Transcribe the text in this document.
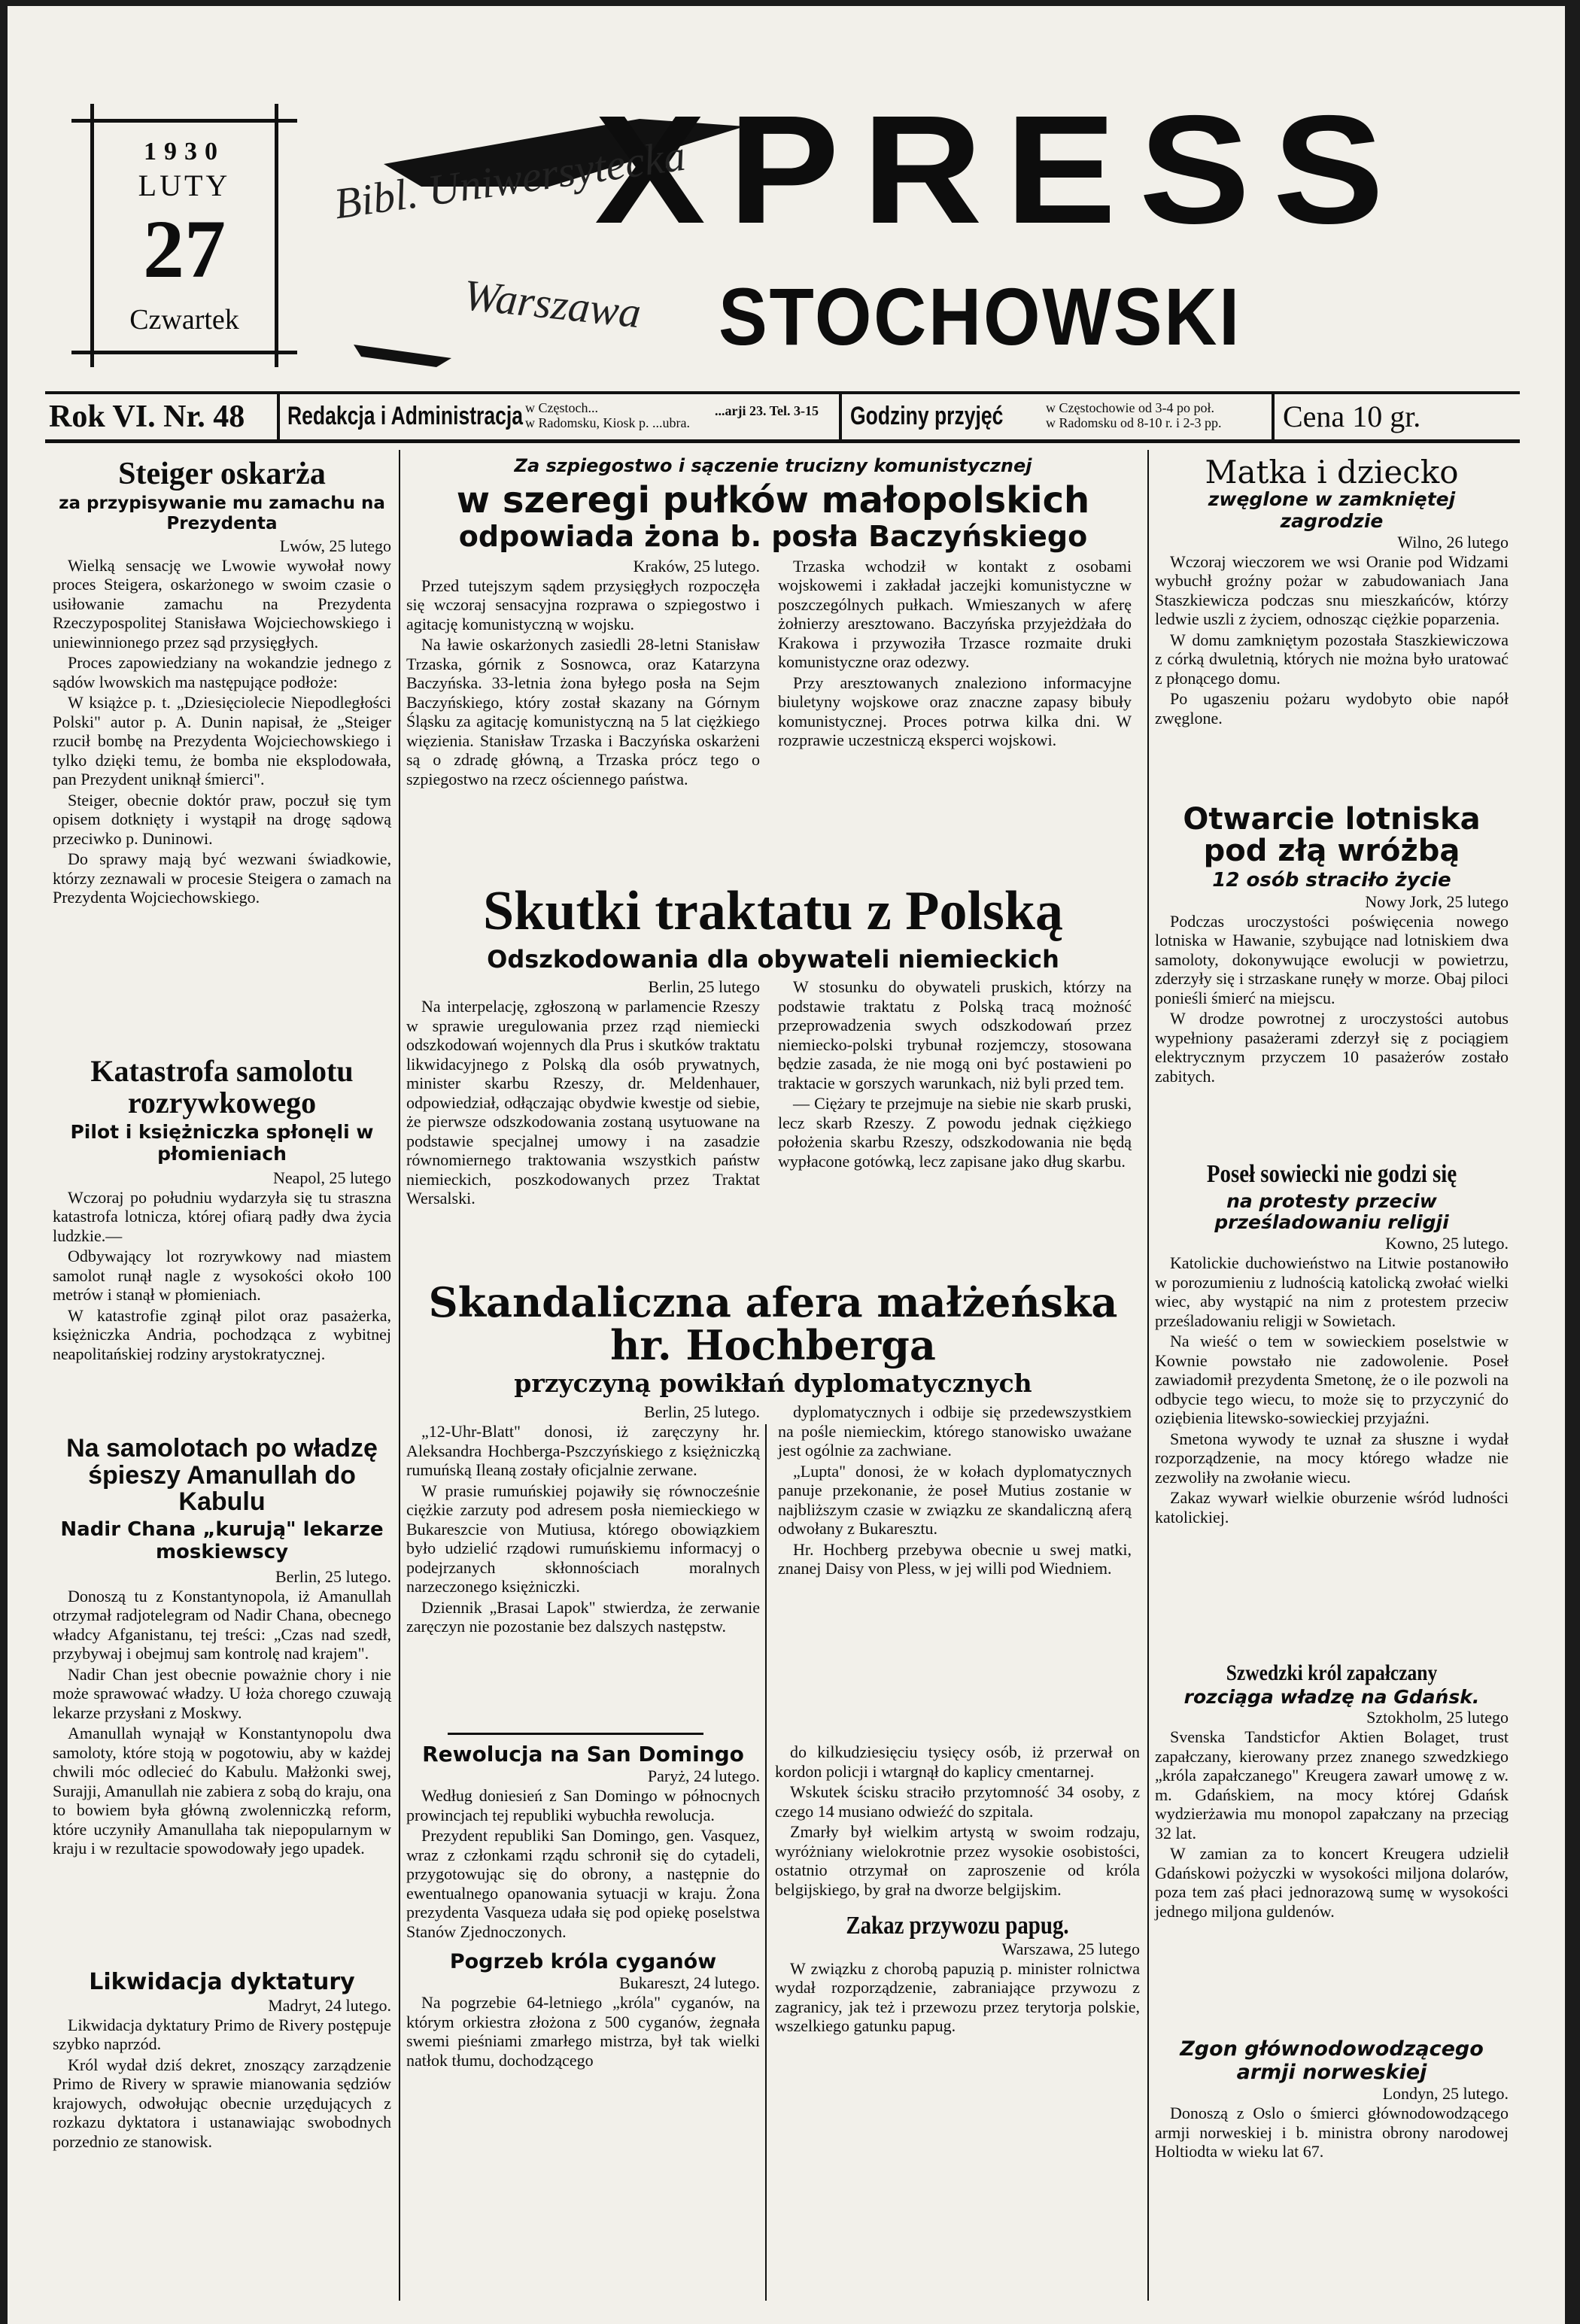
1930
LUTY
27
Czwartek
XPRESS
STOCHOWSKI
Bibl. Uniwersytecka
Warszawa
Rok VI. Nr. 48 Redakcja i Administracja w Częstoch...
w Radomsku, Kiosk p. ...ubra.
...arji 23. Tel. 3-15 Godziny przyjęć	w Częstochowie od 3-4 po poł.
w Radomsku od 8-10 r. i 2-3 pp. Cena 10 gr.
Steiger oskarża
za przypisywanie mu zamachu na Prezydenta
Lwów, 25 lutego

Wielką sensację we Lwowie wywołał nowy proces Steigera, oskarżonego w swoim czasie o usiłowanie zamachu na Prezydenta Rzeczypospolitej Stanisława Wojciechowskiego i uniewinnionego przez sąd przysięgłych.

Proces zapowiedziany na wokandzie jednego z sądów lwowskich ma następujące podłoże:

W książce p. t. „Dziesięciolecie Niepodległości Polski" autor p. A. Dunin napisał, że „Steiger rzucił bombę na Prezydenta Wojciechowskiego i tylko dzięki temu, że bomba nie eksplodowała, pan Prezydent uniknął śmierci".

Steiger, obecnie doktór praw, poczuł się tym opisem dotknięty i wystąpił na drogę sądową przeciwko p. Duninowi.

Do sprawy mają być wezwani świadkowie, którzy zeznawali w procesie Steigera o zamach na Prezydenta Wojciechowskiego.

Katastrofa samolotu rozrywkowego
Pilot i księżniczka spłonęli w płomieniach
Neapol, 25 lutego

Wczoraj po południu wydarzyła się tu straszna katastrofa lotnicza, której ofiarą padły dwa życia ludzkie.—

Odbywający lot rozrywkowy nad miastem samolot runął nagle z wysokości około 100 metrów i stanął w płomieniach.

W katastrofie zginął pilot oraz pasażerka, księżniczka Andria, pochodząca z wybitnej neapolitańskiej rodziny arystokratycznej.

Na samolotach po władzę śpieszy Amanullah do Kabulu
Nadir Chana „kurują" lekarze moskiewscy
Berlin, 25 lutego.

Donoszą tu z Konstantynopola, iż Amanullah otrzymał radjotelegram od Nadir Chana, obecnego władcy Afganistanu, tej treści: „Czas nad szedł, przybywaj i obejmuj sam kontrolę nad krajem".

Nadir Chan jest obecnie poważnie chory i nie może sprawować władzy. U łoża chorego czuwają lekarze przysłani z Moskwy.

Amanullah wynajął w Konstantynopolu dwa samoloty, które stoją w pogotowiu, aby w każdej chwili móc odlecieć do Kabulu. Małżonki swej, Surajji, Amanullah nie zabiera z sobą do kraju, ona to bowiem była główną zwolenniczką reform, które uczyniły Amanullaha tak niepopularnym w kraju i w rezultacie spowodowały jego upadek.

Likwidacja dyktatury
Madryt, 24 lutego.

Likwidacja dyktatury Primo de Rivery postępuje szybko naprzód.

Król wydał dziś dekret, znoszący zarządzenie Primo de Rivery w sprawie mianowania sędziów krajowych, odwołując obecnie urzędujących z rozkazu dyktatora i ustanawiając swobodnych porzednio ze stanowisk.

Za szpiegostwo i sączenie trucizny komunistycznej
w szeregi pułków małopolskich
odpowiada żona b. posła Baczyńskiego
Kraków, 25 lutego.

Przed tutejszym sądem przysięgłych rozpoczęła się wczoraj sensacyjna rozprawa o szpiegostwo i agitację komunistyczną w wojsku.

Na ławie oskarżonych zasiedli 28-letni Stanisław Trzaska, górnik z Sosnowca, oraz Katarzyna Baczyńska. 33-letnia żona byłego posła na Sejm Baczyńskiego, który został skazany na Górnym Śląsku za agitację komunistyczną na 5 lat ciężkiego więzienia. Stanisław Trzaska i Baczyńska oskarżeni są o zdradę główną, a Trzaska prócz tego o szpiegostwo na rzecz ościennego państwa.

Trzaska wchodził w kontakt z osobami wojskowemi i zakładał jaczejki komunistyczne w poszczególnych pułkach. Wmieszanych w aferę żołnierzy aresztowano. Baczyńska przyjeżdżała do Krakowa i przywoziła Trzasce rozmaite druki komunistyczne oraz odezwy.

Przy aresztowanych znaleziono informacyjne biuletyny wojskowe oraz znaczne zapasy bibuły komunistycznej. Proces potrwa kilka dni. W rozprawie uczestniczą eksperci wojskowi.

Skutki traktatu z Polską
Odszkodowania dla obywateli niemieckich
Berlin, 25 lutego

Na interpelację, zgłoszoną w parlamencie Rzeszy w sprawie uregulowania przez rząd niemiecki odszkodowań wojennych dla Prus i skutków traktatu likwidacyjnego z Polską dla osób prywatnych, minister skarbu Rzeszy, dr. Meldenhauer, odpowiedział, odłączając obydwie kwestje od siebie, że pierwsze odszkodowania zostaną usytuowane na podstawie specjalnej umowy i na zasadzie równomiernego traktowania wszystkich państw niemieckich, poszkodowanych przez Traktat Wersalski.

W stosunku do obywateli pruskich, którzy na podstawie traktatu z Polską tracą możność przeprowadzenia swych odszkodowań przez niemiecko-polski trybunał rozjemczy, stosowana będzie zasada, że nie mogą oni być postawieni po traktacie w gorszych warunkach, niż byli przed tem.

— Ciężary te przejmuje na siebie nie skarb pruski, lecz skarb Rzeszy. Z powodu jednak ciężkiego położenia skarbu Rzeszy, odszkodowania nie będą wypłacone gotówką, lecz zapisane jako dług skarbu.

Skandaliczna afera małżeńska hr. Hochberga
przyczyną powikłań dyplomatycznych
Berlin, 25 lutego.

„12-Uhr-Blatt" donosi, iż zaręczyny hr. Aleksandra Hochberga-Pszczyńskiego z księżniczką rumuńską Ileaną zostały oficjalnie zerwane.

W prasie rumuńskiej pojawiły się równocześnie ciężkie zarzuty pod adresem posła niemieckiego w Bukareszcie von Mutiusa, którego obowiązkiem było udzielić rządowi rumuńskiemu informacyj o podejrzanych skłonnościach moralnych narzeczonego księżniczki.

Dziennik „Brasai Lapok" stwierdza, że zerwanie zaręczyn nie pozostanie bez dalszych następstw.

dyplomatycznych i odbije się przedewszystkiem na pośle niemieckim, którego stanowisko uważane jest ogólnie za zachwiane.

„Lupta" donosi, że w kołach dyplomatycznych panuje przekonanie, że poseł Mutius zostanie w najbliższym czasie w związku ze skandaliczną aferą odwołany z Bukaresztu.

Hr. Hochberg przebywa obecnie u swej matki, znanej Daisy von Pless, w jej willi pod Wiedniem.

Rewolucja na San Domingo
Paryż, 24 lutego.

Według doniesień z San Domingo w północnych prowincjach tej republiki wybuchła rewolucja.

Prezydent republiki San Domingo, gen. Vasquez, wraz z członkami rządu schronił się do cytadeli, przygotowując się do obrony, a następnie do ewentualnego opanowania sytuacji w kraju. Żona prezydenta Vasqueza udała się pod opiekę poselstwa Stanów Zjednoczonych.

Pogrzeb króla cyganów
Bukareszt, 24 lutego.

Na pogrzebie 64-letniego „króla" cyganów, na którym orkiestra złożona z 500 cyganów, żegnała swemi pieśniami zmarłego mistrza, był tak wielki natłok tłumu, dochodzącego

do kilkudziesięciu tysięcy osób, iż przerwał on kordon policji i wtargnął do kaplicy cmentarnej.

Wskutek ścisku straciło przytomność 34 osoby, z czego 14 musiano odwieźć do szpitala.

Zmarły był wielkim artystą w swoim rodzaju, wyróżniany wielokrotnie przez wysokie osobistości, ostatnio otrzymał on zaproszenie od króla belgijskiego, by grał na dworze belgijskim.

Zakaz przywozu papug.
Warszawa, 25 lutego

W związku z chorobą papuzią p. minister rolnictwa wydał rozporządzenie, zabraniające przywozu z zagranicy, jak też i przewozu przez terytorja polskie, wszelkiego gatunku papug.

Matka i dziecko
zwęglone w zamkniętej zagrodzie
Wilno, 26 lutego

Wczoraj wieczorem we wsi Oranie pod Widzami wybuchł groźny pożar w zabudowaniach Jana Staszkiewicza podczas snu mieszkańców, którzy ledwie uszli z życiem, odnosząc ciężkie poparzenia.

W domu zamkniętym pozostała Staszkiewiczowa z córką dwuletnią, których nie można było uratować z płonącego domu.

Po ugaszeniu pożaru wydobyto obie napół zwęglone.

Otwarcie lotniska pod złą wróżbą
12 osób straciło życie
Nowy Jork, 25 lutego

Podczas uroczystości poświęcenia nowego lotniska w Hawanie, szybujące nad lotniskiem dwa samoloty, dokonywujące ewolucji w powietrzu, zderzyły się i strzaskane runęły w morze. Obaj piloci ponieśli śmierć na miejscu.

W drodze powrotnej z uroczystości autobus wypełniony pasażerami zderzył się z pociągiem elektrycznym przyczem 10 pasażerów zostało zabitych.

Poseł sowiecki nie godzi się
na protesty przeciw prześladowaniu religji
Kowno, 25 lutego.

Katolickie duchowieństwo na Litwie postanowiło w porozumieniu z ludnością katolicką zwołać wielki wiec, aby wystąpić na nim z protestem przeciw prześladowaniu religji w Sowietach.

Na wieść o tem w sowieckiem poselstwie w Kownie powstało nie zadowolenie. Poseł zawiadomił prezydenta Smetonę, że o ile pozwoli na odbycie tego wiecu, to może się to przyczynić do oziębienia litewsko-sowieckiej przyjaźni.

Smetona wywody te uznał za słuszne i wydał rozporządzenie, na mocy którego władze nie zezwoliły na zwołanie wiecu.

Zakaz wywarł wielkie oburzenie wśród ludności katolickiej.

Szwedzki król zapałczany
rozciąga władzę na Gdańsk.
Sztokholm, 25 lutego

Svenska Tandsticfor Aktien Bolaget, trust zapałczany, kierowany przez znanego szwedzkiego „króla zapałczanego" Kreugera zawarł umowę z w. m. Gdańskiem, na mocy której Gdańsk wydzierżawia mu monopol zapałczany na przeciąg 32 lat.

W zamian za to koncert Kreugera udzielił Gdańskowi pożyczki w wysokości miljona dolarów, poza tem zaś płaci jednorazową sumę w wysokości jednego miljona guldenów.

Zgon głównodowodzącego armji norweskiej
Londyn, 25 lutego.

Donoszą z Oslo o śmierci głównodowodzącego armji norweskiej i b. ministra obrony narodowej Holtiodta w wieku lat 67.
